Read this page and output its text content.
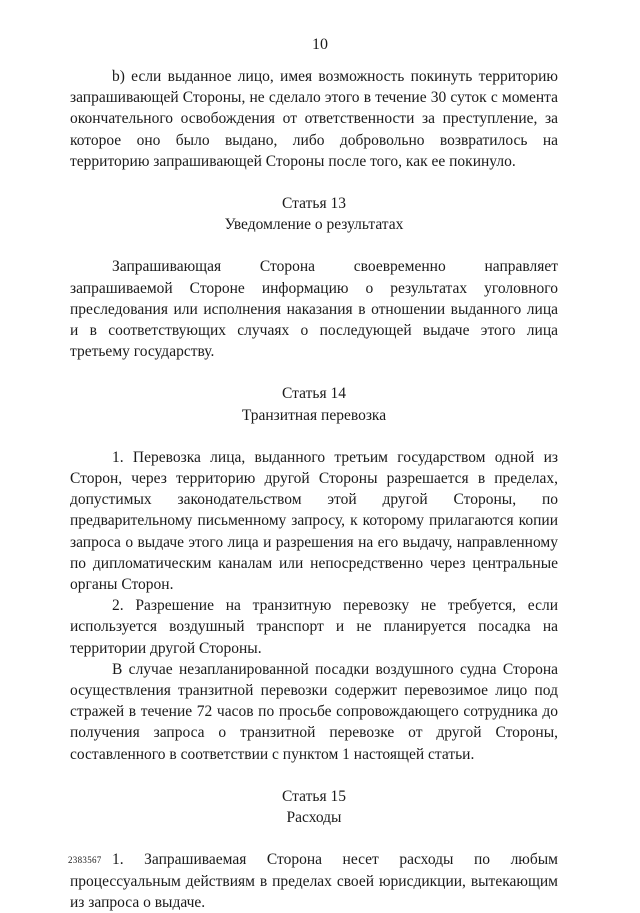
10

b) если выданное лицо, имея возможность покинуть территорию запрашивающей Стороны, не сделало этого в течение 30 суток с момента окончательного освобождения от ответственности за преступление, за которое оно было выдано, либо добровольно возвратилось на территорию запрашивающей Стороны после того, как ее покинуло.

Статья 13
Уведомление о результатах

Запрашивающая Сторона своевременно направляет запрашиваемой Стороне информацию о результатах уголовного преследования или исполнения наказания в отношении выданного лица и в соответствующих случаях о последующей выдаче этого лица третьему государству.

Статья 14
Транзитная перевозка

1. Перевозка лица, выданного третьим государством одной из Сторон, через территорию другой Стороны разрешается в пределах, допустимых законодательством этой другой Стороны, по предварительному письменному запросу, к которому прилагаются копии запроса о выдаче этого лица и разрешения на его выдачу, направленному по дипломатическим каналам или непосредственно через центральные органы Сторон.

2. Разрешение на транзитную перевозку не требуется, если используется воздушный транспорт и не планируется посадка на территории другой Стороны.

В случае незапланированной посадки воздушного судна Сторона осуществления транзитной перевозки содержит перевозимое лицо под стражей в течение 72 часов по просьбе сопровождающего сотрудника до получения запроса о транзитной перевозке от другой Стороны, составленного в соответствии с пунктом 1 настоящей статьи.

Статья 15
Расходы

1. Запрашиваемая Сторона несет расходы по любым процессуальным действиям в пределах своей юрисдикции, вытекающим из запроса о выдаче.

2383567
